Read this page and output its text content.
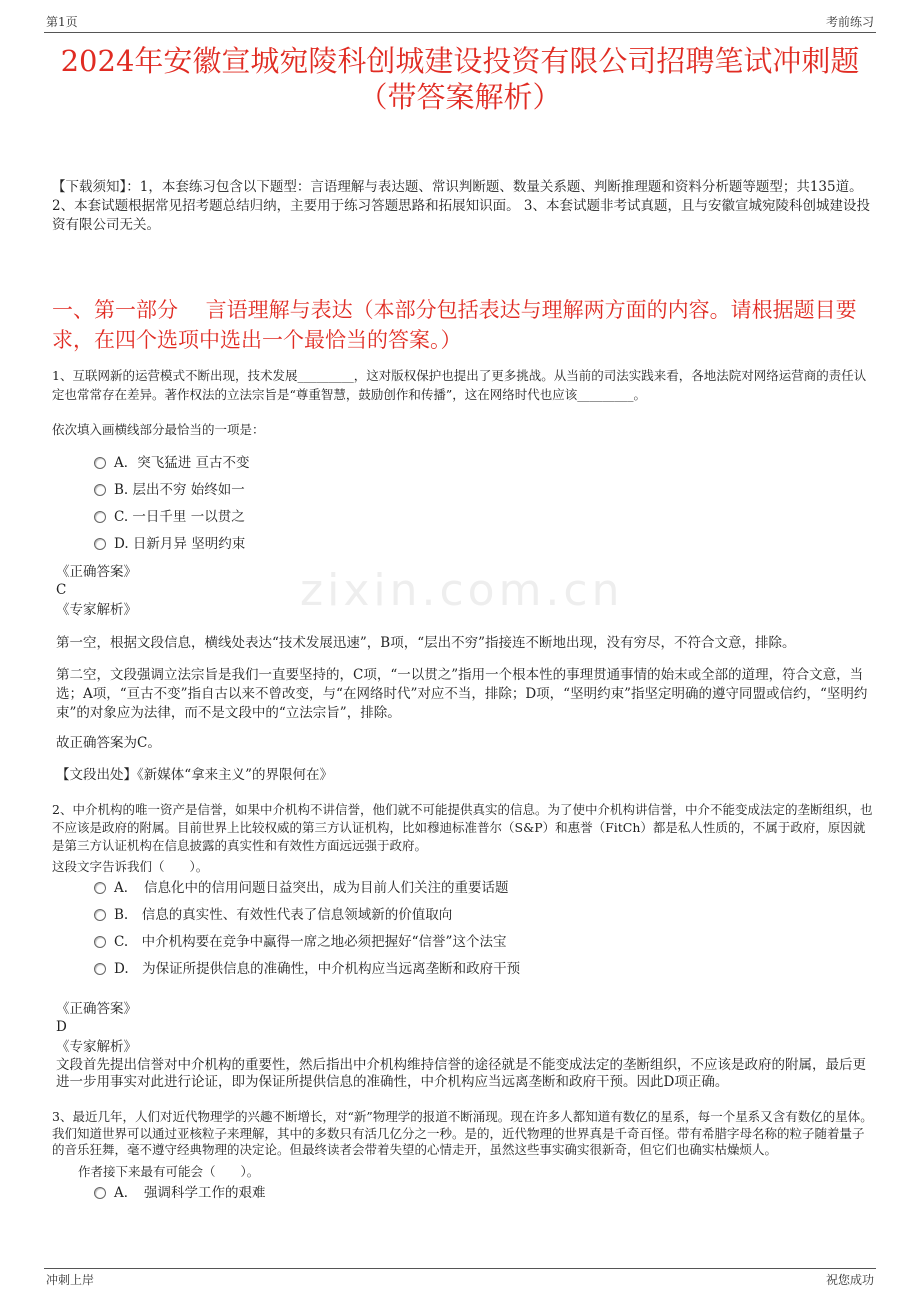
第1页	考前练习
2024年安徽宣城宛陵科创城建设投资有限公司招聘笔试冲刺题
（带答案解析）
【下载须知】：1，本套练习包含以下题型：言语理解与表达题、常识判断题、数量关系题、判断推理题和资料分析题等题型；共135道。 2、本套试题根据常见招考题总结归纳，主要用于练习答题思路和拓展知识面。 3、本套试题非考试真题，且与安徽宣城宛陵科创城建设投资有限公司无关。
一、第一部分　 言语理解与表达（本部分包括表达与理解两方面的内容。请根据题目要求，在四个选项中选出一个最恰当的答案。）
1、互联网新的运营模式不断出现，技术发展_________，这对版权保护也提出了更多挑战。从当前的司法实践来看，各地法院对网络运营商的责任认定也常常存在差异。著作权法的立法宗旨是“尊重智慧，鼓励创作和传播”，这在网络时代也应该_________。
依次填入画横线部分最恰当的一项是：
A．突飞猛进 亘古不变
B. 层出不穷 始终如一
C. 一日千里 一以贯之
D. 日新月异 坚明约束
zixin.com.cn
《正确答案》
C
《专家解析》
第一空，根据文段信息，横线处表达“技术发展迅速”，B项，“层出不穷”指接连不断地出现，没有穷尽，不符合文意，排除。
第二空，文段强调立法宗旨是我们一直要坚持的，C项，“一以贯之”指用一个根本性的事理贯通事情的始末或全部的道理，符合文意，当选；A项，“亘古不变”指自古以来不曾改变，与“在网络时代”对应不当，排除；D项，“坚明约束”指坚定明确的遵守同盟或信约，“坚明约束”的对象应为法律，而不是文段中的“立法宗旨”，排除。
故正确答案为C。
【文段出处】《新媒体“拿来主义”的界限何在》
2、中介机构的唯一资产是信誉，如果中介机构不讲信誉，他们就不可能提供真实的信息。为了使中介机构讲信誉，中介不能变成法定的垄断组织，也不应该是政府的附属。目前世界上比较权威的第三方认证机构，比如穆迪标准普尔（S&P）和惠誉（FitCh）都是私人性质的，不属于政府，原因就是第三方认证机构在信息披露的真实性和有效性方面远远强于政府。
这段文字告诉我们（　　）。
A．　信息化中的信用问题日益突出，成为目前人们关注的重要话题
B.　信息的真实性、有效性代表了信息领域新的价值取向
C.　中介机构要在竞争中赢得一席之地必须把握好“信誉”这个法宝
D.　为保证所提供信息的准确性，中介机构应当远离垄断和政府干预
《正确答案》
D
《专家解析》
文段首先提出信誉对中介机构的重要性，然后指出中介机构维持信誉的途径就是不能变成法定的垄断组织，不应该是政府的附属，最后更进一步用事实对此进行论证，即为保证所提供信息的准确性，中介机构应当远离垄断和政府干预。因此D项正确。
3、最近几年，人们对近代物理学的兴趣不断增长，对“新”物理学的报道不断涌现。现在许多人都知道有数亿的星系，每一个星系又含有数亿的星体。我们知道世界可以通过亚核粒子来理解，其中的多数只有活几亿分之一秒。是的，近代物理的世界真是千奇百怪。带有希腊字母名称的粒子随着量子的音乐狂舞，毫不遵守经典物理的决定论。但最终读者会带着失望的心情走开，虽然这些事实确实很新奇，但它们也确实枯燥烦人。
作者接下来最有可能会（　　）。
A．　强调科学工作的艰难
冲刺上岸	祝您成功
